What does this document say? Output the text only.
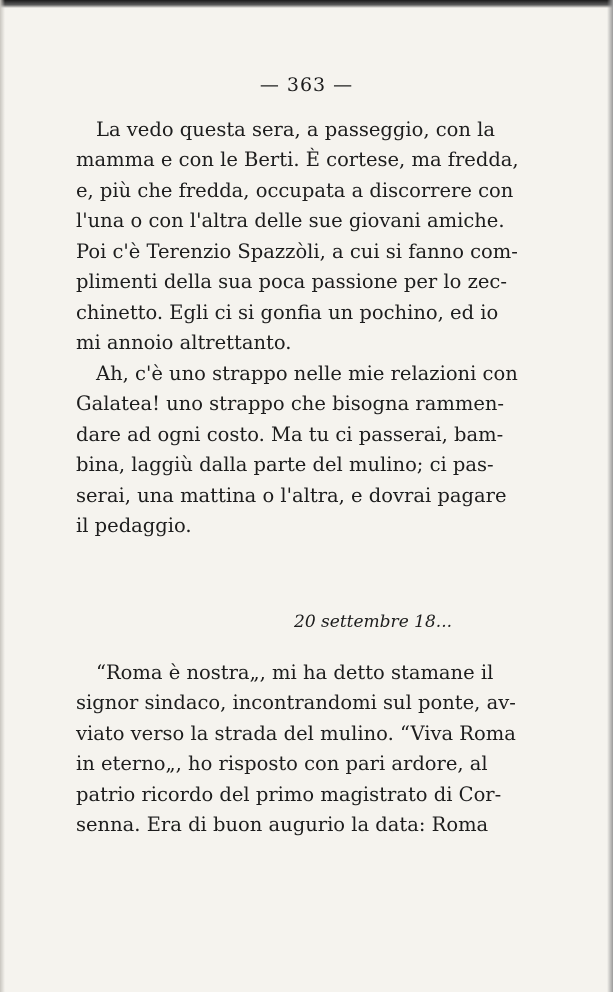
— 363 —
La vedo questa sera, a passeggio, con la
mamma e con le Berti. È cortese, ma fredda,
e, più che fredda, occupata a discorrere con
l'una o con l'altra delle sue giovani amiche.
Poi c'è Terenzio Spazzòli, a cui si fanno com-
plimenti della sua poca passione per lo zec-
chinetto. Egli ci si gonfia un pochino, ed io
mi annoio altrettanto.
Ah, c'è uno strappo nelle mie relazioni con
Galatea! uno strappo che bisogna rammen-
dare ad ogni costo. Ma tu ci passerai, bam-
bina, laggiù dalla parte del mulino; ci pas-
serai, una mattina o l'altra, e dovrai pagare
il pedaggio.
20 settembre 18...
“Roma è nostra„, mi ha detto stamane il
signor sindaco, incontrandomi sul ponte, av-
viato verso la strada del mulino. “Viva Roma
in eterno„, ho risposto con pari ardore, al
patrio ricordo del primo magistrato di Cor-
senna. Era di buon augurio la data: Roma
